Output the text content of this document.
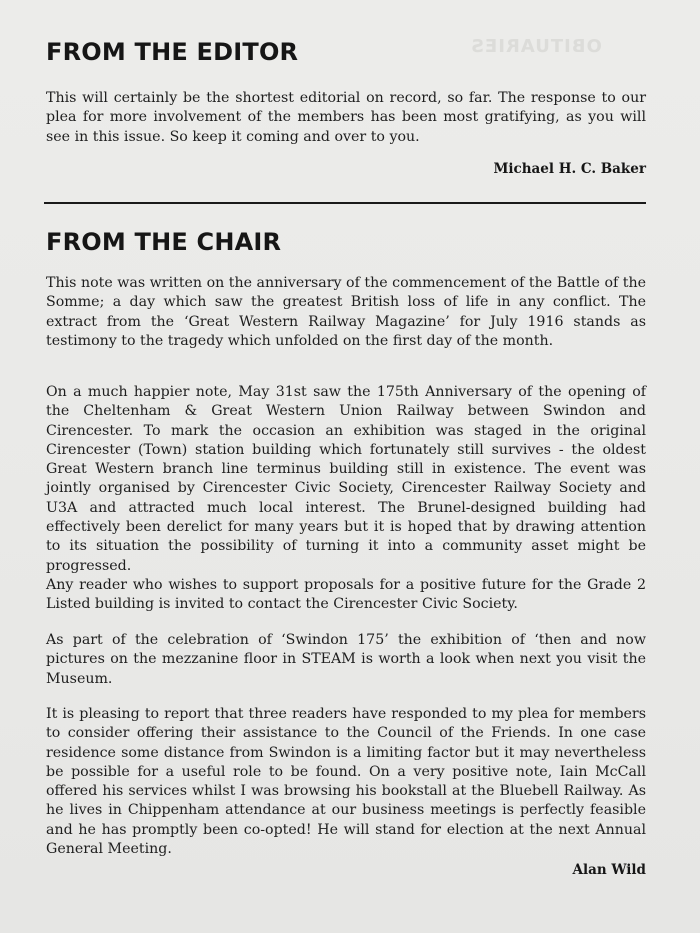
OBITUARIES
FROM THE EDITOR

This will certainly be the shortest editorial on record, so far. The response to our plea for more involvement of the members has been most gratifying, as you will see in this issue. So keep it coming and over to you.

Michael H. C. Baker
FROM THE CHAIR

This note was written on the anniversary of the commencement of the Battle of the Somme; a day which saw the greatest British loss of life in any conflict. The extract from the ‘Great Western Railway Magazine’ for July 1916 stands as testimony to the tragedy which unfolded on the first day of the month.

On a much happier note, May 31st saw the 175th Anniversary of the opening of the Cheltenham & Great Western Union Railway between Swindon and Cirencester. To mark the occasion an exhibition was staged in the original Cirencester (Town) station building which fortunately still survives - the oldest Great Western branch line terminus building still in existence. The event was jointly organised by Cirencester Civic Society, Cirencester Railway Society and U3A and attracted much local interest. The Brunel-designed building had effectively been derelict for many years but it is hoped that by drawing attention to its situation the possibility of turning it into a community asset might be progressed.

Any reader who wishes to support proposals for a positive future for the Grade 2 Listed building is invited to contact the Cirencester Civic Society.

As part of the celebration of ‘Swindon 175’ the exhibition of ‘then and now pictures on the mezzanine floor in STEAM is worth a look when next you visit the Museum.

It is pleasing to report that three readers have responded to my plea for members to consider offering their assistance to the Council of the Friends. In one case residence some distance from Swindon is a limiting factor but it may nevertheless be possible for a useful role to be found. On a very positive note, Iain McCall offered his services whilst I was browsing his bookstall at the Bluebell Railway. As he lives in Chippenham attendance at our business meetings is perfectly feasible and he has promptly been co-opted! He will stand for election at the next Annual General Meeting.

Alan Wild
